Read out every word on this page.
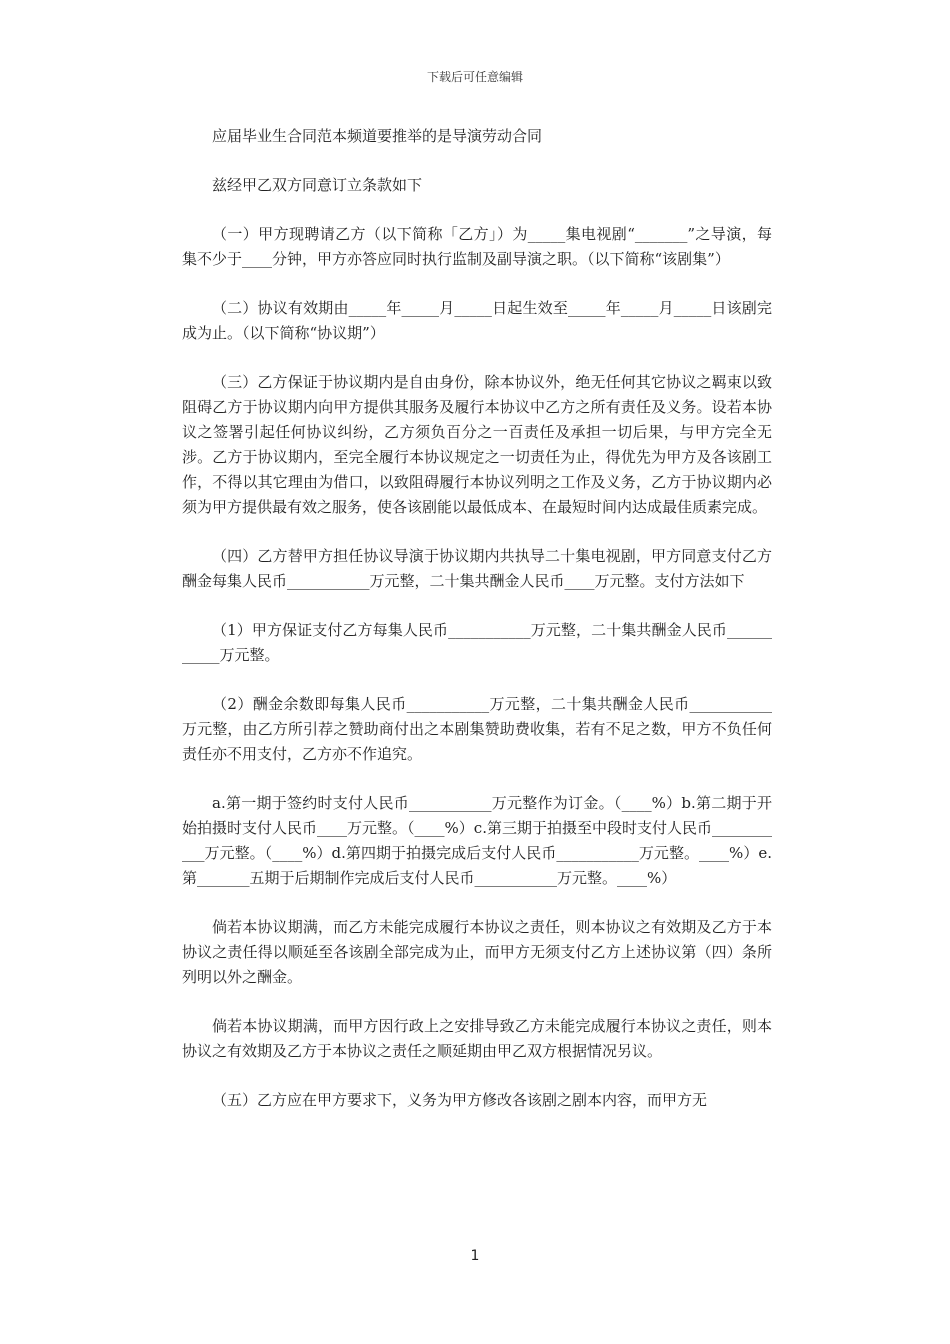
下载后可任意编辑

应届毕业生合同范本频道要推举的是导演劳动合同

兹经甲乙双方同意订立条款如下

（一）甲方现聘请乙方（以下简称「乙方」）为_____集电视剧“_______”之导演，每集不少于____分钟，甲方亦答应同时执行监制及副导演之职。（以下简称“该剧集”）

（二）协议有效期由_____年_____月_____日起生效至_____年_____月_____日该剧完成为止。（以下简称“协议期”）

（三）乙方保证于协议期内是自由身份，除本协议外，绝无任何其它协议之羁束以致阻碍乙方于协议期内向甲方提供其服务及履行本协议中乙方之所有责任及义务。设若本协议之签署引起任何协议纠纷，乙方须负百分之一百责任及承担一切后果，与甲方完全无涉。乙方于协议期内，至完全履行本协议规定之一切责任为止，得优先为甲方及各该剧工作，不得以其它理由为借口，以致阻碍履行本协议列明之工作及义务，乙方于协议期内必须为甲方提供最有效之服务，使各该剧能以最低成本、在最短时间内达成最佳质素完成。

（四）乙方替甲方担任协议导演于协议期内共执导二十集电视剧，甲方同意支付乙方酬金每集人民币___________万元整，二十集共酬金人民币____万元整。支付方法如下

（1）甲方保证支付乙方每集人民币___________万元整，二十集共酬金人民币___________万元整。

（2）酬金余数即每集人民币___________万元整，二十集共酬金人民币___________万元整，由乙方所引荐之赞助商付出之本剧集赞助费收集，若有不足之数，甲方不负任何责任亦不用支付，乙方亦不作追究。

a.第一期于签约时支付人民币___________万元整作为订金。（____%）b.第二期于开始拍摄时支付人民币____万元整。（____%）c.第三期于拍摄至中段时支付人民币___________万元整。（____%）d.第四期于拍摄完成后支付人民币___________万元整。____%）e.第_______五期于后期制作完成后支付人民币___________万元整。____%）

倘若本协议期满，而乙方未能完成履行本协议之责任，则本协议之有效期及乙方于本协议之责任得以顺延至各该剧全部完成为止，而甲方无须支付乙方上述协议第（四）条所列明以外之酬金。

倘若本协议期满，而甲方因行政上之安排导致乙方未能完成履行本协议之责任，则本协议之有效期及乙方于本协议之责任之顺延期由甲乙双方根据情况另议。

（五）乙方应在甲方要求下，义务为甲方修改各该剧之剧本内容，而甲方无

1
